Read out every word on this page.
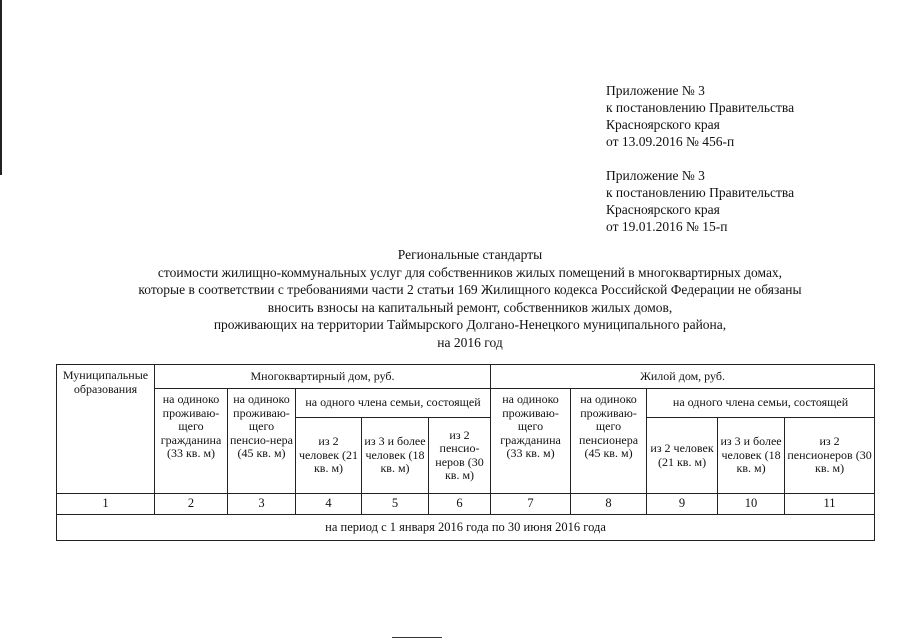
Приложение № 3
к постановлению Правительства
Красноярского края
от 13.09.2016 № 456-п
Приложение № 3
к постановлению Правительства
Красноярского края
от 19.01.2016 № 15-п
Региональные стандарты
стоимости жилищно-коммунальных услуг для собственников жилых помещений в многоквартирных домах,
которые в соответствии с требованиями части 2 статьи 169 Жилищного кодекса Российской Федерации не обязаны
вносить взносы на капитальный ремонт, собственников жилых домов,
проживающих на территории Таймырского Долгано-Ненецкого муниципального района,
на 2016 год
Муниципальные образования	Многоквартирный дом, руб.					Жилой дом, руб.				
	на одиноко проживаю-щего гражданина (33 кв. м)	на одиноко проживаю-щего пенсио-нера (45 кв. м)	на одного члена семьи, состоящей			на одиноко проживаю-щего гражданина (33 кв. м)	на одиноко проживаю-щего пенсионера (45 кв. м)	на одного члена семьи, состоящей		
			из 2 человек (21 кв. м)	из 3 и более человек (18 кв. м)	из 2 пенсио-неров (30 кв. м)			из 2 человек (21 кв. м)	из 3 и более человек (18 кв. м)	из 2 пенсионеров (30 кв. м)
1	2	3	4	5	6	7	8	9	10	11
на период с 1 января 2016 года по 30 июня 2016 года										
